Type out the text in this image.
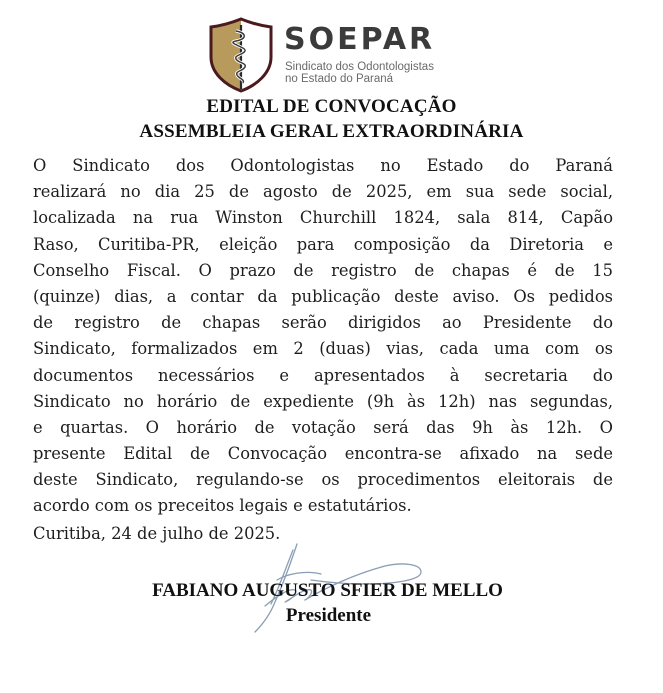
SOEPAR
Sindicato dos Odontologistas
no Estado do Paraná
EDITAL DE CONVOCAÇÃO
ASSEMBLEIA GERAL EXTRAORDINÁRIA
O Sindicato dos Odontologistas no Estado do Paraná
realizará no dia 25 de agosto de 2025, em sua sede social,
localizada na rua Winston Churchill 1824, sala 814, Capão
Raso, Curitiba-PR, eleição para composição da Diretoria e
Conselho Fiscal. O prazo de registro de chapas é de 15
(quinze) dias, a contar da publicação deste aviso. Os pedidos
de registro de chapas serão dirigidos ao Presidente do
Sindicato, formalizados em 2 (duas) vias, cada uma com os
documentos necessários e apresentados à secretaria do
Sindicato no horário de expediente (9h às 12h) nas segundas,
e quartas. O horário de votação será das 9h às 12h. O
presente Edital de Convocação encontra-se afixado na sede
deste Sindicato, regulando-se os procedimentos eleitorais de
acordo com os preceitos legais e estatutários.
Curitiba, 24 de julho de 2025.
FABIANO AUGUSTO SFIER DE MELLO
Presidente
